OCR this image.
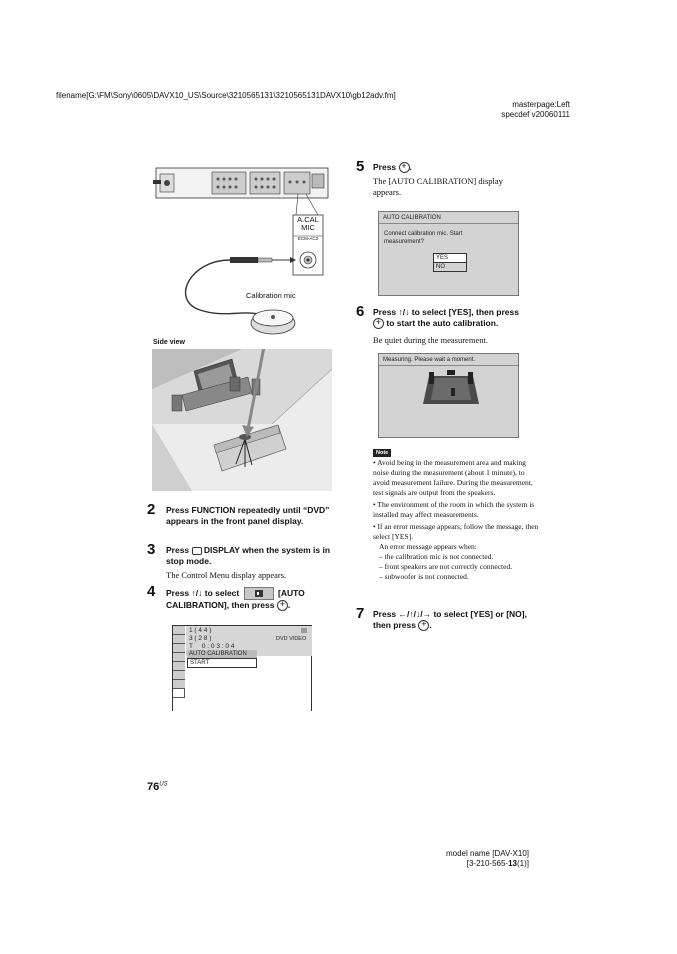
filename[G:\FM\Sony\0605\DAVX10_US\Source\3210565131\3210565131DAVX10\gb12adv.fm]
masterpage:Left
specdef v20060111
A.CAL
MIC
ECM-AC2
Calibration mic
Side view
2 Press FUNCTION repeatedly until “DVD” appears in the front panel display.
3 Press DISPLAY when the system is in stop mode.
The Control Menu display appears.
4 Press ↑/↓ to select	[AUTO
CALIBRATION], then press + .
1 ( 4 4 )
3 ( 2 8 )
T     0 : 0 3 : 0 4
AUTO CALIBRATION
START
DVD VIDEO
5 Press + .
The [AUTO CALIBRATION] display appears.
AUTO CALIBRATION
Connect calibration mic. Start measurement?
YES
NO
6 Press ↑/↓ to select [YES], then press
+ to start the auto calibration.
Be quiet during the measurement.
Measuring. Please wait a moment.
Note
• Avoid being in the measurement area and making noise during the measurement (about 1 minute), to avoid measurement failure. During the measurement, test signals are output from the speakers.
• The environment of the room in which the system is installed may affect measurements.
• If an error message appears, follow the message, then select [YES].
An error message appears when:
– the calibration mic is not connected.
– front speakers are not correctly connected.
– subwoofer is not connected.
7 Press ←/↑/↓/→ to select [YES] or [NO],
then press + .
$76^{US}$
model name [DAV-X10]
[3-210-565-13(1)]
